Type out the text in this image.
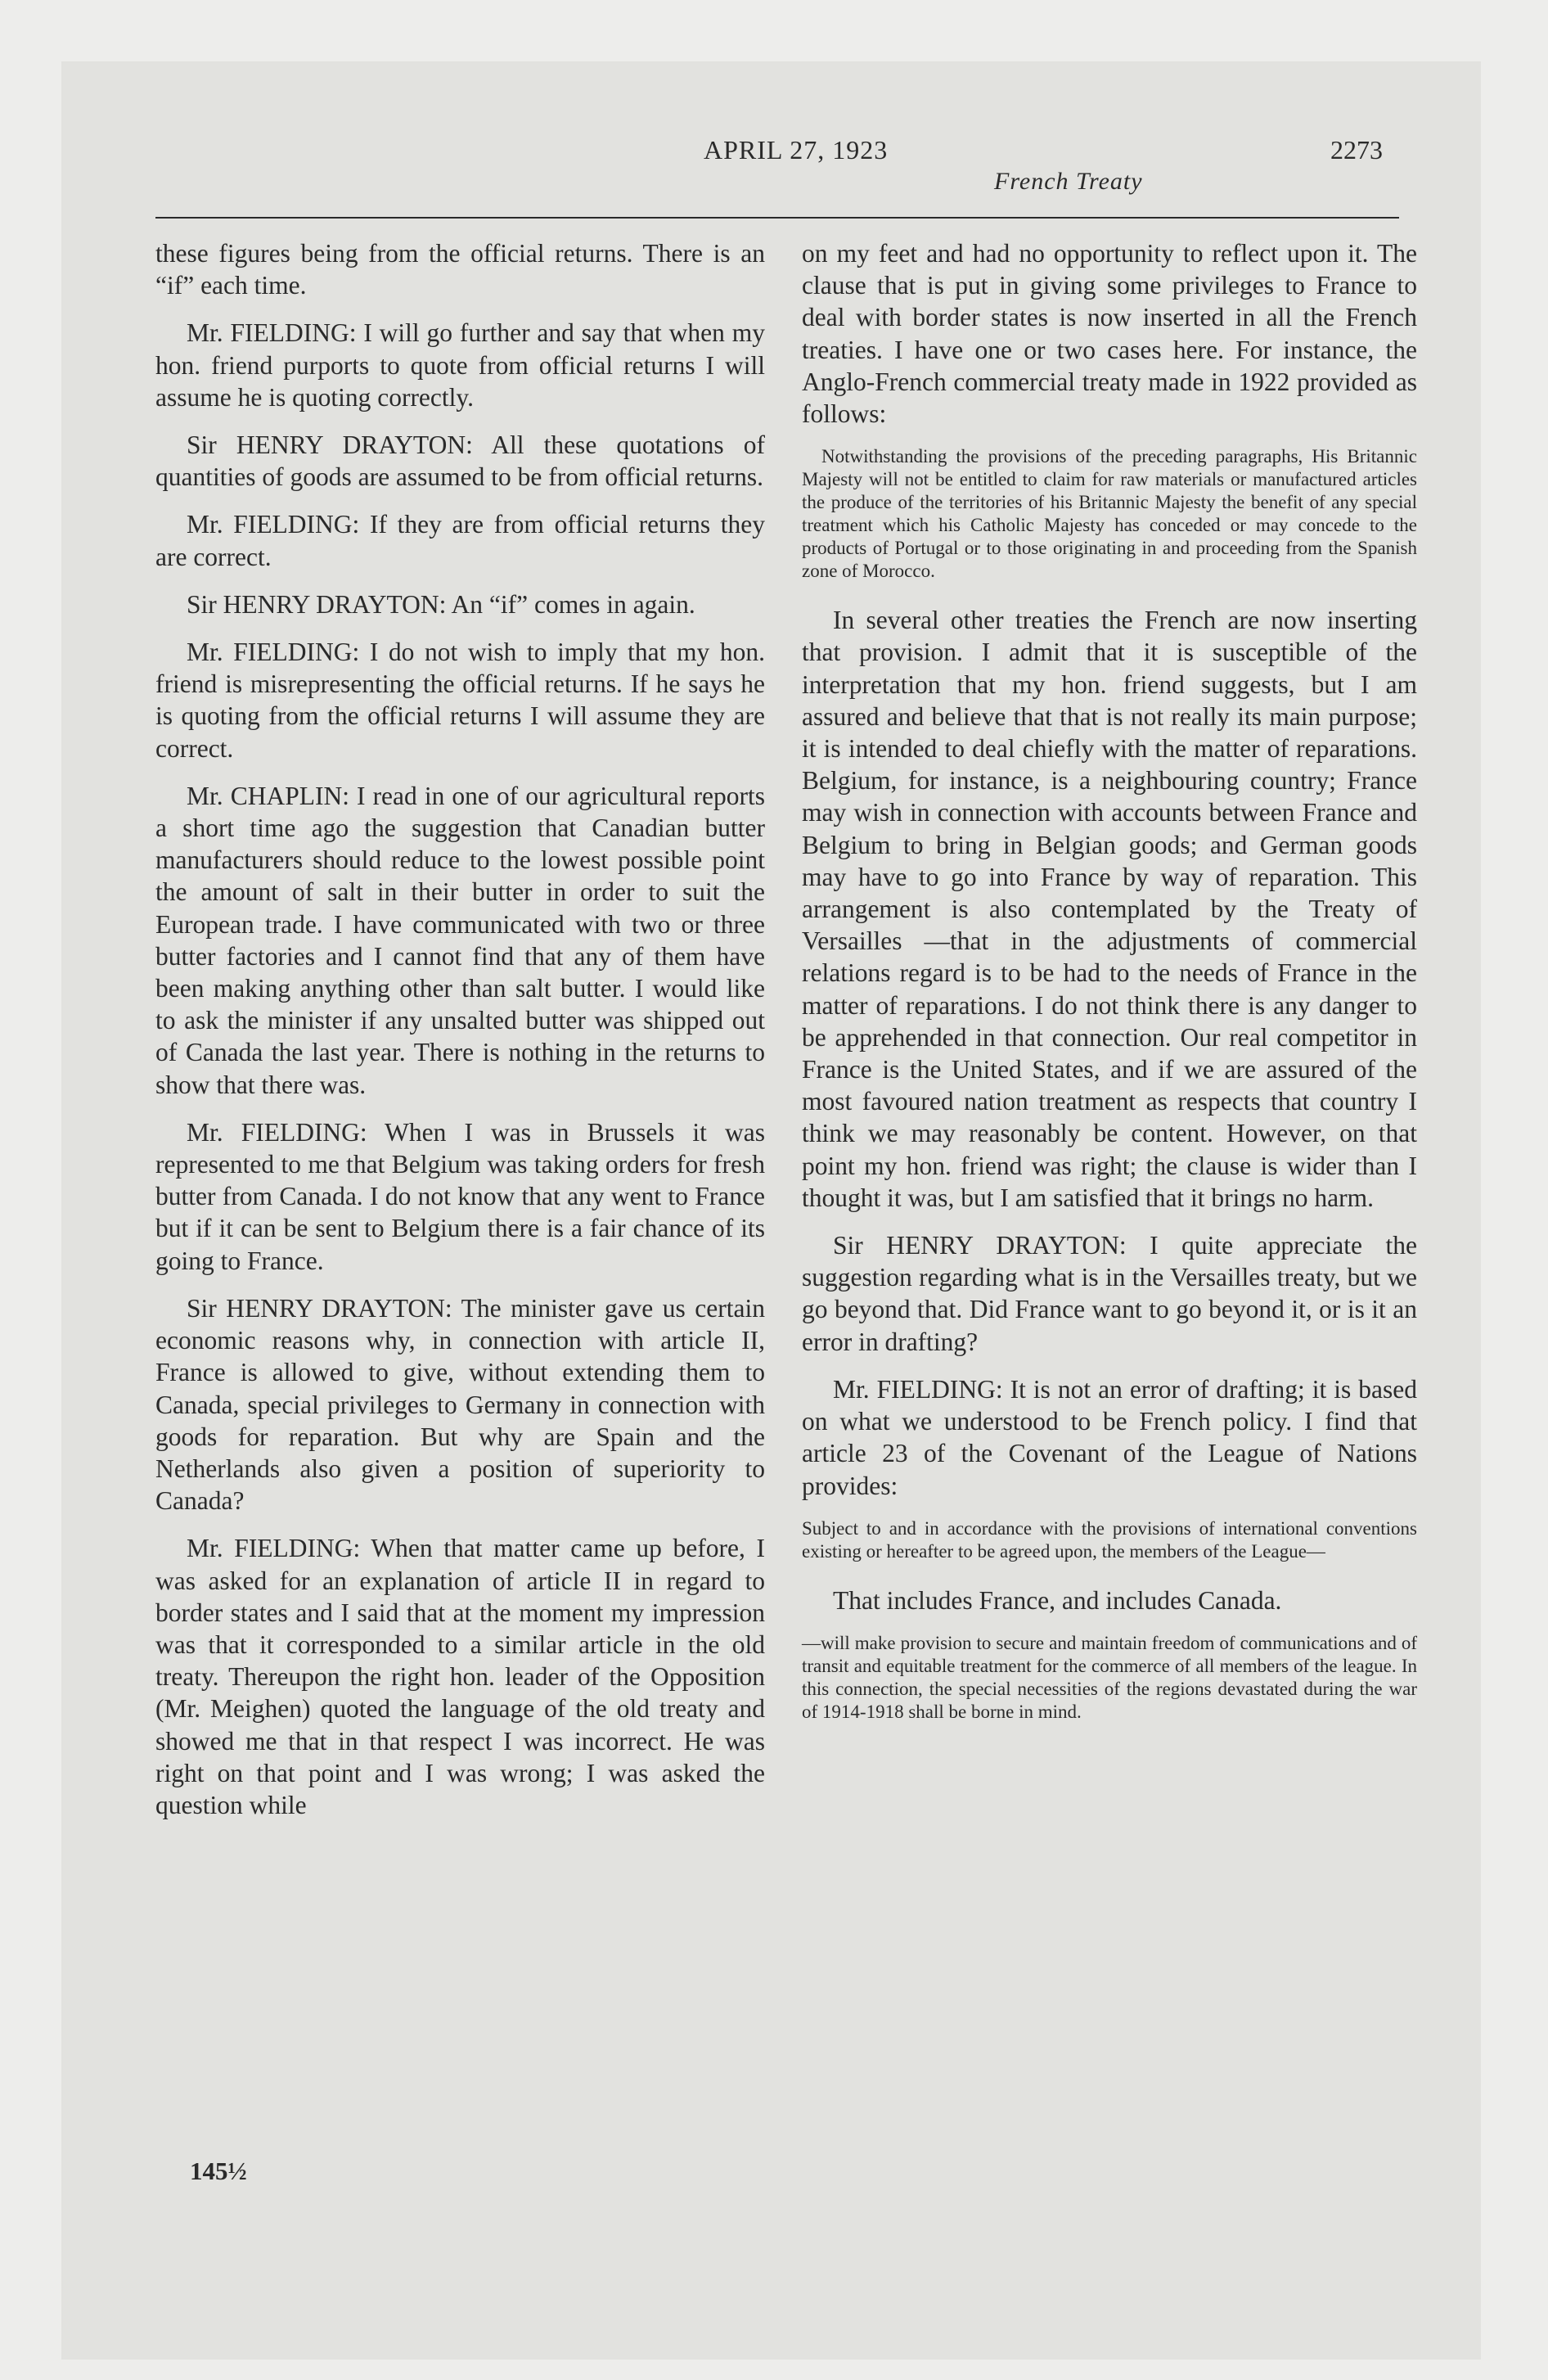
APRIL 27, 1923
French Treaty
2273

these figures being from the official returns. There is an “if” each time.

Mr. FIELDING: I will go further and say that when my hon. friend purports to quote from official returns I will assume he is quoting correctly.

Sir HENRY DRAYTON: All these quotations of quantities of goods are assumed to be from official returns.

Mr. FIELDING: If they are from official returns they are correct.

Sir HENRY DRAYTON: An “if” comes in again.

Mr. FIELDING: I do not wish to imply that my hon. friend is misrepresenting the official returns. If he says he is quoting from the official returns I will assume they are correct.

Mr. CHAPLIN: I read in one of our agricultural reports a short time ago the suggestion that Canadian butter manufacturers should reduce to the lowest possible point the amount of salt in their butter in order to suit the European trade. I have communicated with two or three butter factories and I cannot find that any of them have been making anything other than salt butter. I would like to ask the minister if any unsalted butter was shipped out of Canada the last year. There is nothing in the returns to show that there was.

Mr. FIELDING: When I was in Brussels it was represented to me that Belgium was taking orders for fresh butter from Canada. I do not know that any went to France but if it can be sent to Belgium there is a fair chance of its going to France.

Sir HENRY DRAYTON: The minister gave us certain economic reasons why, in connection with article II, France is allowed to give, without extending them to Canada, special privileges to Germany in connection with goods for reparation. But why are Spain and the Netherlands also given a position of superiority to Canada?

Mr. FIELDING: When that matter came up before, I was asked for an explanation of article II in regard to border states and I said that at the moment my impression was that it corresponded to a similar article in the old treaty. Thereupon the right hon. leader of the Opposition (Mr. Meighen) quoted the language of the old treaty and showed me that in that respect I was incorrect. He was right on that point and I was wrong; I was asked the question while

on my feet and had no opportunity to reflect upon it. The clause that is put in giving some privileges to France to deal with border states is now inserted in all the French treaties. I have one or two cases here. For instance, the Anglo-French commercial treaty made in 1922 provided as follows:

Notwithstanding the provisions of the preceding paragraphs, His Britannic Majesty will not be entitled to claim for raw materials or manufactured articles the produce of the territories of his Britannic Majesty the benefit of any special treatment which his Catholic Majesty has conceded or may concede to the products of Portugal or to those originating in and proceeding from the Spanish zone of Morocco.

In several other treaties the French are now inserting that provision. I admit that it is susceptible of the interpretation that my hon. friend suggests, but I am assured and believe that that is not really its main purpose; it is intended to deal chiefly with the matter of reparations. Belgium, for instance, is a neighbouring country; France may wish in connection with accounts between France and Belgium to bring in Belgian goods; and German goods may have to go into France by way of reparation. This arrangement is also contemplated by the Treaty of Versailles —that in the adjustments of commercial relations regard is to be had to the needs of France in the matter of reparations. I do not think there is any danger to be apprehended in that connection. Our real competitor in France is the United States, and if we are assured of the most favoured nation treatment as respects that country I think we may reasonably be content. However, on that point my hon. friend was right; the clause is wider than I thought it was, but I am satisfied that it brings no harm.

Sir HENRY DRAYTON: I quite appreciate the suggestion regarding what is in the Versailles treaty, but we go beyond that. Did France want to go beyond it, or is it an error in drafting?

Mr. FIELDING: It is not an error of drafting; it is based on what we understood to be French policy. I find that article 23 of the Covenant of the League of Nations provides:

Subject to and in accordance with the provisions of international conventions existing or hereafter to be agreed upon, the members of the League—

That includes France, and includes Canada.

—will make provision to secure and maintain freedom of communications and of transit and equitable treatment for the commerce of all members of the league. In this connection, the special necessities of the regions devastated during the war of 1914-1918 shall be borne in mind.
145½
